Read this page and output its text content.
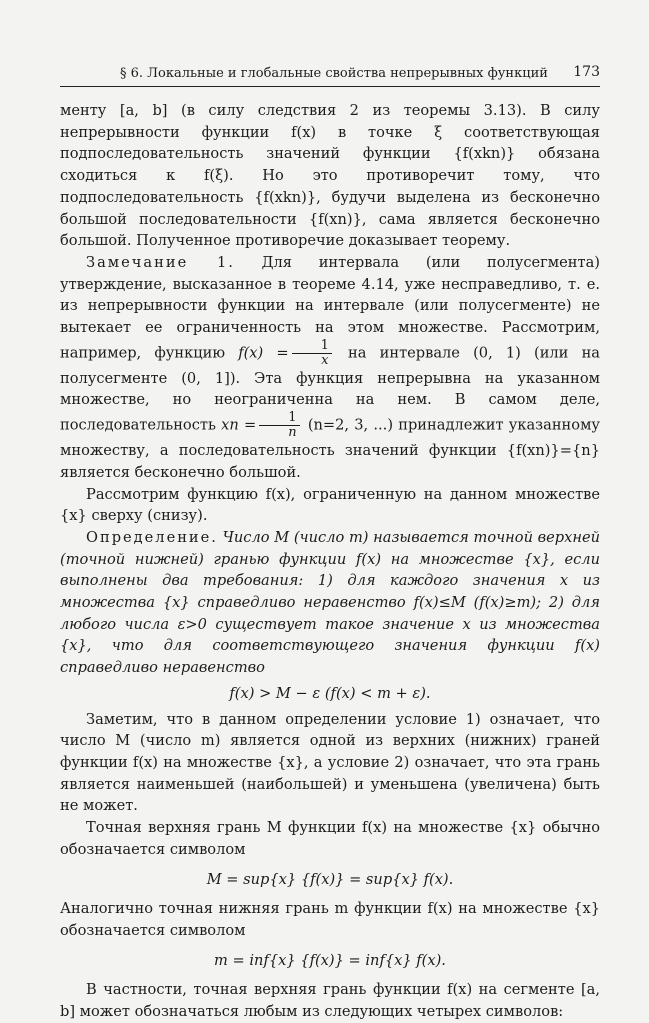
§ 6. Локальные и глобальные свойства непрерывных функций 173

менту [a, b] (в силу следствия 2 из теоремы 3.13). В силу непрерывности функции f(x) в точке ξ соответствующая подпоследовательность значений функции {f(xkn)} обязана сходиться к f(ξ). Но это противоречит тому, что подпоследовательность {f(xkn)}, будучи выделена из бесконечно большой последовательности {f(xn)}, сама является бесконечно большой. Полученное противоречие доказывает теорему.

Замечание 1. Для интервала (или полусегмента) утверждение, высказанное в теореме 4.14, уже несправедливо, т. е. из непрерывности функции на интервале (или полусегменте) не вытекает ее ограниченность на этом множестве. Рассмотрим, например, функцию $f(x) = \frac{1}{x}$ на интервале (0, 1) (или на полусегменте (0, 1]). Эта функция непрерывна на указанном множестве, но неограниченна на нем. В самом деле, последовательность xn = $\frac{1}{n} (n=2$, 3, ...) принадлежит указанному множеству, а последовательность значений функции {f(xn)}={n} является бесконечно большой.

Рассмотрим функцию f(x), ограниченную на данном множестве {x} сверху (снизу).

Определение. Число M (число m) называется точной верхней (точной нижней) гранью функции f(x) на множестве {x}, если выполнены два требования: 1) для каждого значения x из множества {x} справедливо неравенство f(x)≤M (f(x)≥m); 2) для любого числа ε>0 существует такое значение x из множества {x}, что для соответствующего значения функции f(x) справедливо неравенство

f(x) > M − ε (f(x) < m + ε).

Заметим, что в данном определении условие 1) означает, что число M (число m) является одной из верхних (нижних) граней функции f(x) на множестве {x}, а условие 2) означает, что эта грань является наименьшей (наибольшей) и уменьшена (увеличена) быть не может.

Точная верхняя грань M функции f(x) на множестве {x} обычно обозначается символом

M = sup{x} {f(x)} = sup{x} f(x).

Аналогично точная нижняя грань m функции f(x) на множестве {x} обозначается символом

m = inf{x} {f(x)} = inf{x} f(x).

В частности, точная верхняя грань функции f(x) на сегменте [a, b] может обозначаться любым из следующих четырех символов:
